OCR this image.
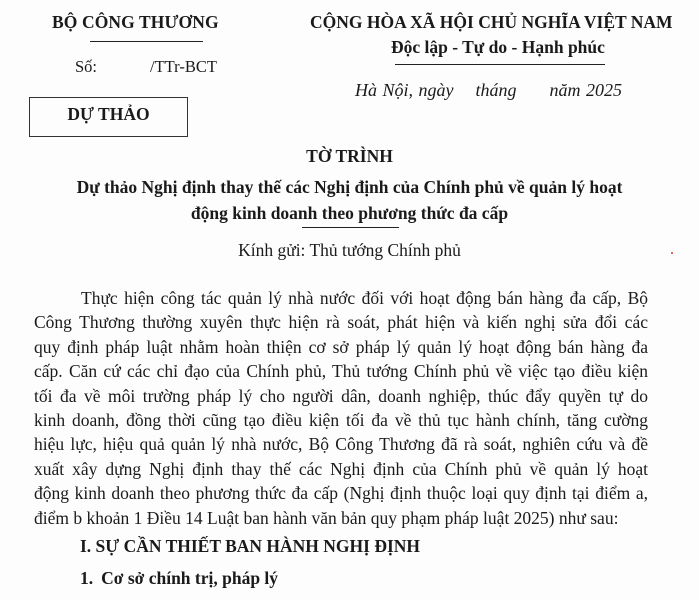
BỘ CÔNG THƯƠNG
Số:	/TTr-BCT
DỰ THẢO
CỘNG HÒA XÃ HỘI CHỦ NGHĨA VIỆT NAM
Độc lập - Tự do - Hạnh phúc
Hà Nội, ngày tháng năm 2025
TỜ TRÌNH
Dự thảo Nghị định thay thế các Nghị định của Chính phủ về quản lý hoạt
động kinh doanh theo phương thức đa cấp
Kính gửi: Thủ tướng Chính phủ
Thực hiện công tác quản lý nhà nước đối với hoạt động bán hàng đa cấp, Bộ
Công Thương thường xuyên thực hiện rà soát, phát hiện và kiến nghị sửa đổi các
quy định pháp luật nhằm hoàn thiện cơ sở pháp lý quản lý hoạt động bán hàng đa
cấp. Căn cứ các chỉ đạo của Chính phủ, Thủ tướng Chính phủ về việc tạo điều kiện
tối đa về môi trường pháp lý cho người dân, doanh nghiệp, thúc đẩy quyền tự do
kinh doanh, đồng thời cũng tạo điều kiện tối đa về thủ tục hành chính, tăng cường
hiệu lực, hiệu quả quản lý nhà nước, Bộ Công Thương đã rà soát, nghiên cứu và đề
xuất xây dựng Nghị định thay thế các Nghị định của Chính phủ về quản lý hoạt
động kinh doanh theo phương thức đa cấp (Nghị định thuộc loại quy định tại điểm a,
điểm b khoản 1 Điều 14 Luật ban hành văn bản quy phạm pháp luật 2025) như sau:
I. SỰ CẦN THIẾT BAN HÀNH NGHỊ ĐỊNH
1. Cơ sở chính trị, pháp lý
